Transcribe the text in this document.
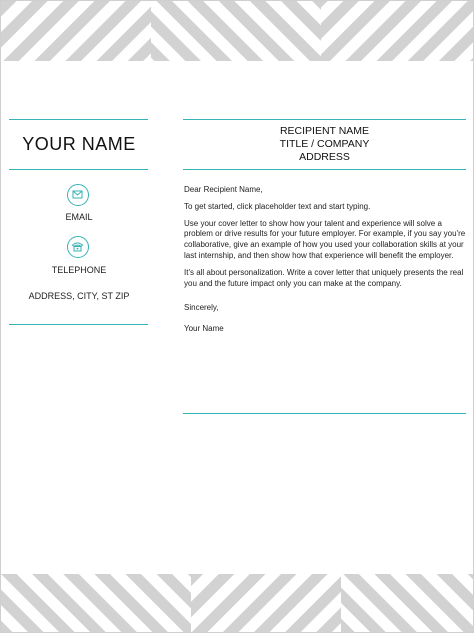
YOUR NAME
EMAIL
TELEPHONE
ADDRESS, CITY, ST ZIP
RECIPIENT NAME
TITLE / COMPANY
ADDRESS

Dear Recipient Name,

To get started, click placeholder text and start typing.

Use your cover letter to show how your talent and experience will solve a problem or drive results for your future employer. For example, if you say you're collaborative, give an example of how you used your collaboration skills at your last internship, and then show how that experience will benefit the employer.

It's all about personalization. Write a cover letter that uniquely presents the real you and the future impact only you can make at the company.

Sincerely,

Your Name
